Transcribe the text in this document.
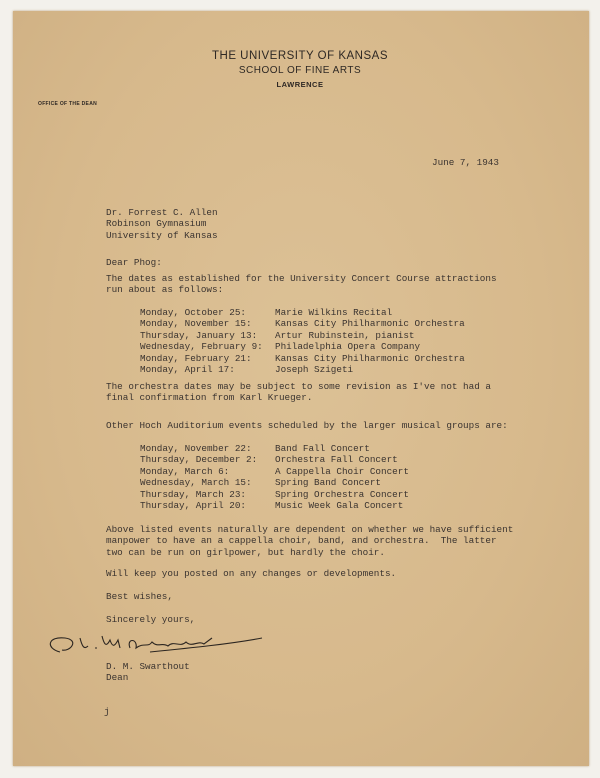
THE UNIVERSITY OF KANSAS
SCHOOL OF FINE ARTS
LAWRENCE
OFFICE OF THE DEAN
June 7, 1943
Dr. Forrest C. Allen
Robinson Gymnasium
University of Kansas
Dear Phog:
The dates as established for the University Concert Course attractions
run about as follows:
Monday, October 25:	Marie Wilkins Recital
Monday, November 15:	Kansas City Philharmonic Orchestra
Thursday, January 13:	Artur Rubinstein, pianist
Wednesday, February 9:	Philadelphia Opera Company
Monday, February 21:	Kansas City Philharmonic Orchestra
Monday, April 17:	Joseph Szigeti
The orchestra dates may be subject to some revision as I've not had a
final confirmation from Karl Krueger.
Other Hoch Auditorium events scheduled by the larger musical groups are:
Monday, November 22:	Band Fall Concert
Thursday, December 2:	Orchestra Fall Concert
Monday, March 6:	A Cappella Choir Concert
Wednesday, March 15:	Spring Band Concert
Thursday, March 23:	Spring Orchestra Concert
Thursday, April 20:	Music Week Gala Concert
Above listed events naturally are dependent on whether we have sufficient
manpower to have an a cappella choir, band, and orchestra.  The latter
two can be run on girlpower, but hardly the choir.
Will keep you posted on any changes or developments.
Best wishes,
Sincerely yours,
D. M. Swarthout
Dean
j
